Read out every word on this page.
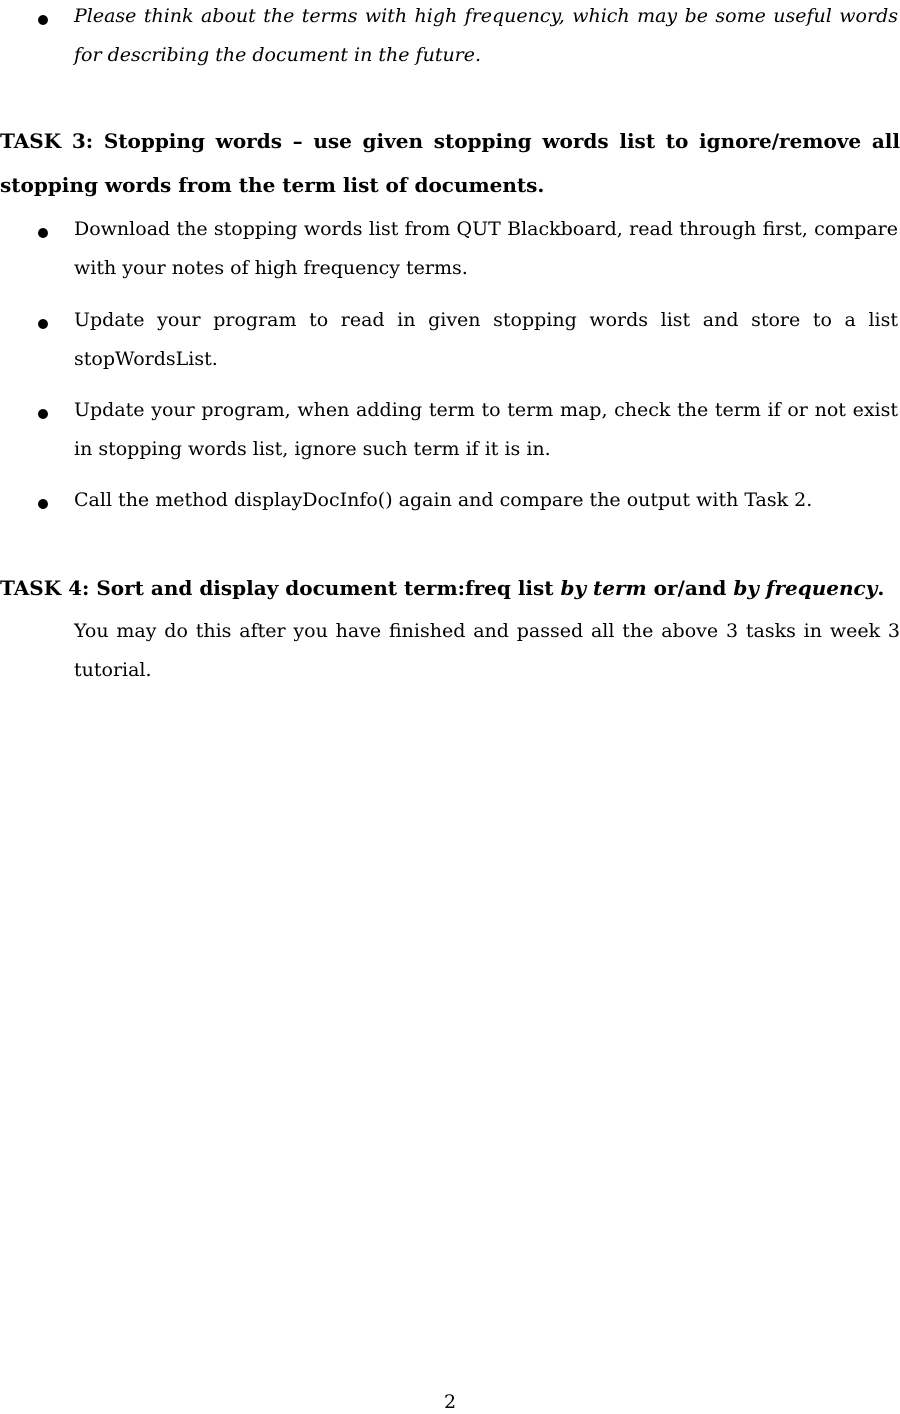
Please think about the terms with high frequency, which may be some useful words for describing the document in the future.
TASK 3: Stopping words – use given stopping words list to ignore/remove all stopping words from the term list of documents.
Download the stopping words list from QUT Blackboard, read through first, compare with your notes of high frequency terms.
Update your program to read in given stopping words list and store to a list stopWordsList.
Update your program, when adding term to term map, check the term if or not exist in stopping words list, ignore such term if it is in.
Call the method displayDocInfo() again and compare the output with Task 2.
TASK 4: Sort and display document term:freq list by term or/and by frequency.
You may do this after you have finished and passed all the above 3 tasks in week 3 tutorial.
2
